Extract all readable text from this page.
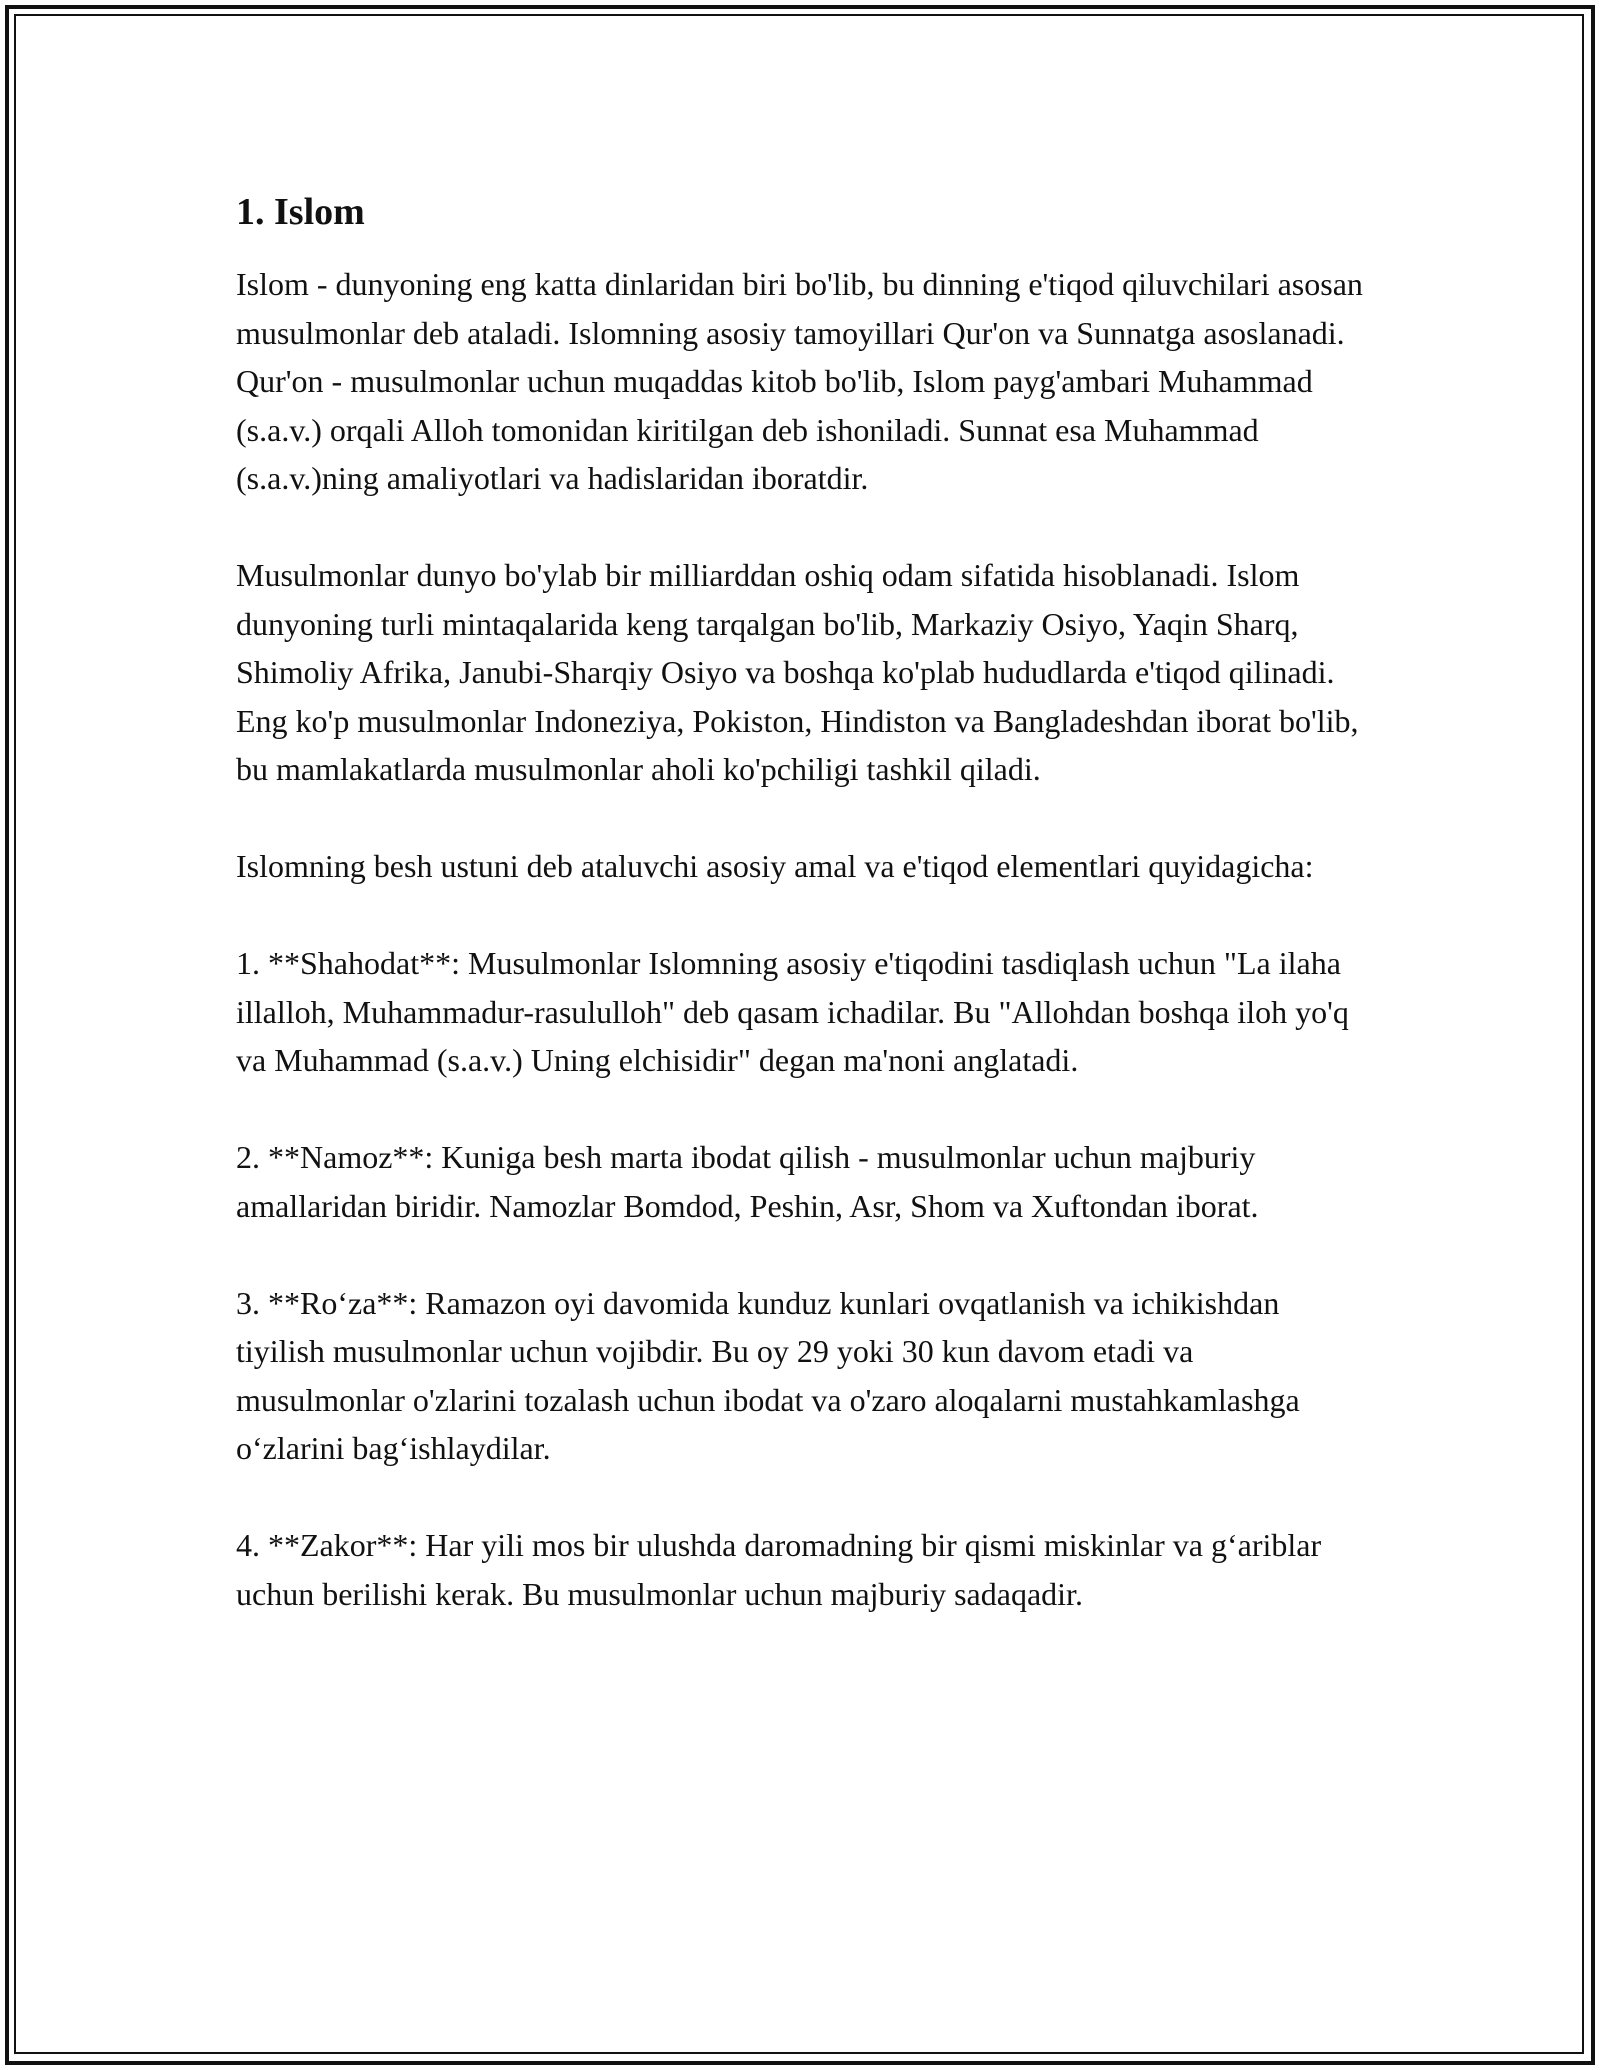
1. Islom

Islom - dunyoning eng katta dinlaridan biri bo'lib, bu dinning e'tiqod qiluvchilari asosan musulmonlar deb ataladi. Islomning asosiy tamoyillari Qur'on va Sunnatga asoslanadi. Qur'on - musulmonlar uchun muqaddas kitob bo'lib, Islom payg'ambari Muhammad (s.a.v.) orqali Alloh tomonidan kiritilgan deb ishoniladi. Sunnat esa Muhammad (s.a.v.)ning amaliyotlari va hadislaridan iboratdir.

Musulmonlar dunyo bo'ylab bir milliarddan oshiq odam sifatida hisoblanadi. Islom dunyoning turli mintaqalarida keng tarqalgan bo'lib, Markaziy Osiyo, Yaqin Sharq, Shimoliy Afrika, Janubi-Sharqiy Osiyo va boshqa ko'plab hududlarda e'tiqod qilinadi. Eng ko'p musulmonlar Indoneziya, Pokiston, Hindiston va Bangladeshdan iborat bo'lib, bu mamlakatlarda musulmonlar aholi ko'pchiligi tashkil qiladi.

Islomning besh ustuni deb ataluvchi asosiy amal va e'tiqod elementlari quyidagicha:

1. **Shahodat**: Musulmonlar Islomning asosiy e'tiqodini tasdiqlash uchun "La ilaha illalloh, Muhammadur-rasululloh" deb qasam ichadilar. Bu "Allohdan boshqa iloh yo'q va Muhammad (s.a.v.) Uning elchisidir" degan ma'noni anglatadi.

2. **Namoz**: Kuniga besh marta ibodat qilish - musulmonlar uchun majburiy amallaridan biridir. Namozlar Bomdod, Peshin, Asr, Shom va Xuftondan iborat.

3. **Roʻza**: Ramazon oyi davomida kunduz kunlari ovqatlanish va ichikishdan tiyilish musulmonlar uchun vojibdir. Bu oy 29 yoki 30 kun davom etadi va musulmonlar o'zlarini tozalash uchun ibodat va o'zaro aloqalarni mustahkamlashga oʻzlarini bagʻishlaydilar.

4. **Zakor**: Har yili mos bir ulushda daromadning bir qismi miskinlar va gʻariblar uchun berilishi kerak. Bu musulmonlar uchun majburiy sadaqadir.
